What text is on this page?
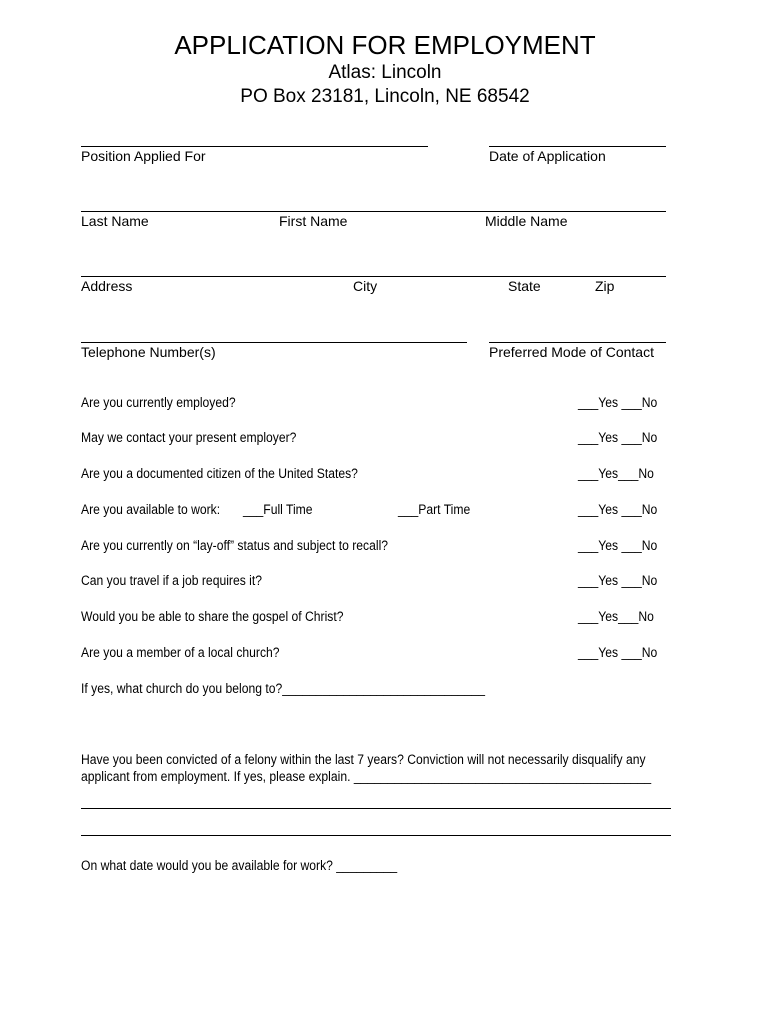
APPLICATION FOR EMPLOYMENT
Atlas: Lincoln
PO Box 23181, Lincoln, NE 68542
Position Applied For	Date of Application
Last Name	First Name	Middle Name
Address	City	State	Zip
Telephone Number(s)	Preferred Mode of Contact
Are you currently employed?	___Yes ___No
May we contact your present employer?	___Yes ___No
Are you a documented citizen of the United States?	___Yes___No
Are you available to work: ___Full Time	___Part Time	___Yes ___No
Are you currently on “lay-off” status and subject to recall?	___Yes ___No
Can you travel if a job requires it?	___Yes ___No
Would you be able to share the gospel of Christ?	___Yes___No
Are you a member of a local church?	___Yes ___No
If yes, what church do you belong to?______________________________
Have you been convicted of a felony within the last 7 years? Conviction will not necessarily disqualify any
applicant from employment. If yes, please explain. ____________________________________________
On what date would you be available for work? _________
